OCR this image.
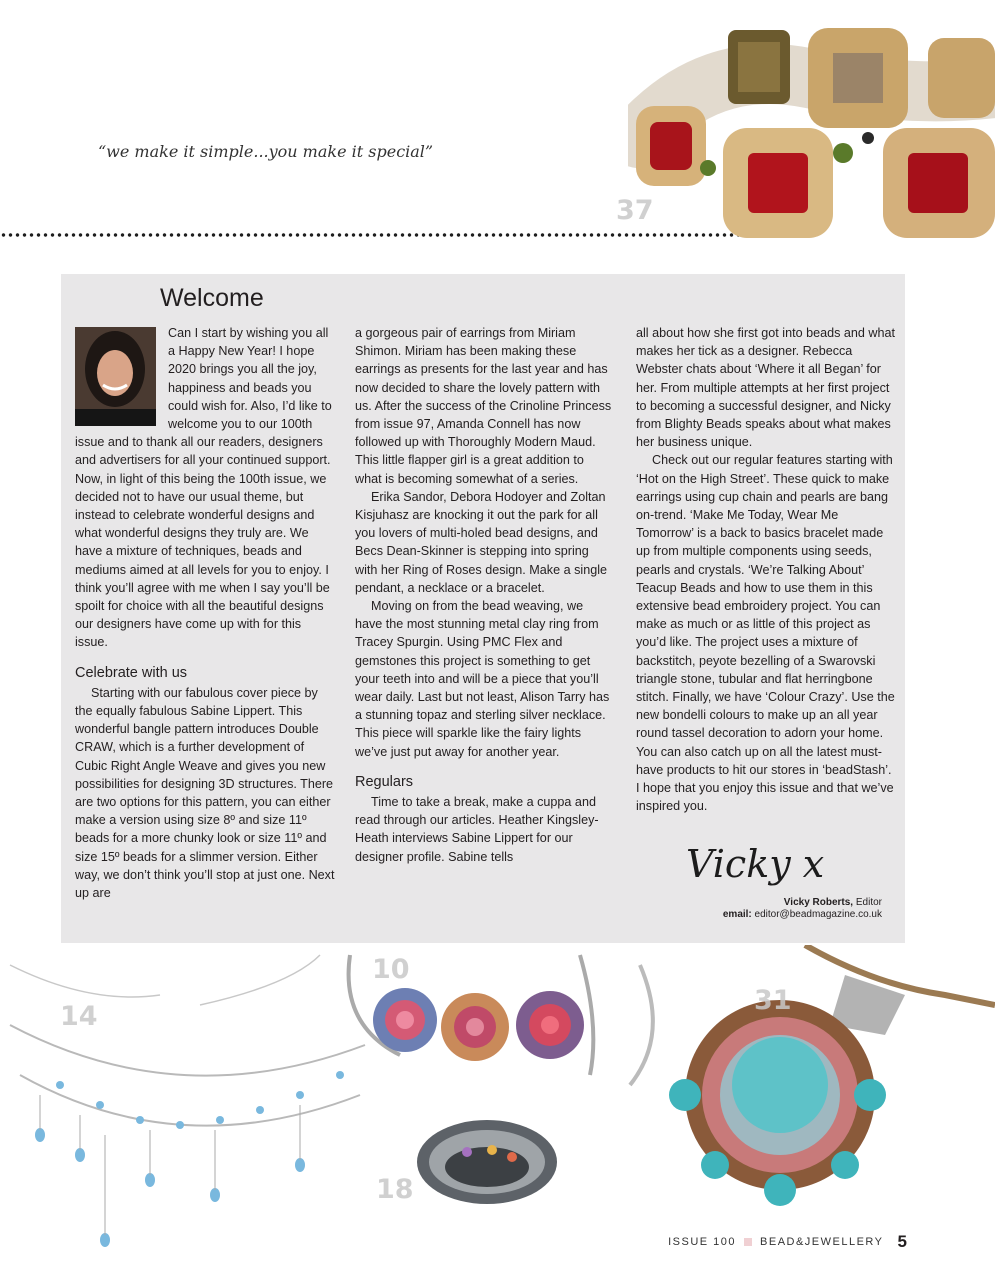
“we make it simple...you make it special”
37
Welcome

Can I start by wishing you all a Happy New Year! I hope 2020 brings you all the joy, happiness and beads you could wish for. Also, I’d like to welcome you to our 100th issue and to thank all our readers, designers and advertisers for all your continued support. Now, in light of this being the 100th issue, we decided not to have our usual theme, but instead to celebrate wonderful designs and what wonderful designs they truly are. We have a mixture of techniques, beads and mediums aimed at all levels for you to enjoy. I think you’ll agree with me when I say you’ll be spoilt for choice with all the beautiful designs our designers have come up with for this issue.

Celebrate with us

Starting with our fabulous cover piece by the equally fabulous Sabine Lippert. This wonderful bangle pattern introduces Double CRAW, which is a further development of Cubic Right Angle Weave and gives you new possibilities for designing 3D structures. There are two options for this pattern, you can either make a version using size 8º and size 11º beads for a more chunky look or size 11º and size 15º beads for a slimmer version. Either way, we don’t think you’ll stop at just one. Next up are

a gorgeous pair of earrings from Miriam Shimon. Miriam has been making these earrings as presents for the last year and has now decided to share the lovely pattern with us. After the success of the Crinoline Princess from issue 97, Amanda Connell has now followed up with Thoroughly Modern Maud. This little flapper girl is a great addition to what is becoming somewhat of a series.

Erika Sandor, Debora Hodoyer and Zoltan Kisjuhasz are knocking it out the park for all you lovers of multi-holed bead designs, and Becs Dean-Skinner is stepping into spring with her Ring of Roses design. Make a single pendant, a necklace or a bracelet.

Moving on from the bead weaving, we have the most stunning metal clay ring from Tracey Spurgin. Using PMC Flex and gemstones this project is something to get your teeth into and will be a piece that you’ll wear daily. Last but not least, Alison Tarry has a stunning topaz and sterling silver necklace. This piece will sparkle like the fairy lights we’ve just put away for another year.

Regulars

Time to take a break, make a cuppa and read through our articles. Heather Kingsley-Heath interviews Sabine Lippert for our designer profile. Sabine tells

all about how she first got into beads and what makes her tick as a designer. Rebecca Webster chats about ‘Where it all Began’ for her. From multiple attempts at her first project to becoming a successful designer, and Nicky from Blighty Beads speaks about what makes her business unique.

Check out our regular features starting with ‘Hot on the High Street’. These quick to make earrings using cup chain and pearls are bang on-trend. ‘Make Me Today, Wear Me Tomorrow’ is a back to basics bracelet made up from multiple components using seeds, pearls and crystals. ‘We’re Talking About’ Teacup Beads and how to use them in this extensive bead embroidery project. You can make as much or as little of this project as you’d like. The project uses a mixture of backstitch, peyote bezelling of a Swarovski triangle stone, tubular and flat herringbone stitch. Finally, we have ‘Colour Crazy’. Use the new bondelli colours to make up an all year round tassel decoration to adorn your home. You can also catch up on all the latest must-have products to hit our stores in ‘beadStash’. I hope that you enjoy this issue and that we’ve inspired you.

Vicky x
Vicky Roberts, Editor
email: editor@beadmagazine.co.uk
14
10
18
31
ISSUE 100 BEAD&JEWELLERY 5
